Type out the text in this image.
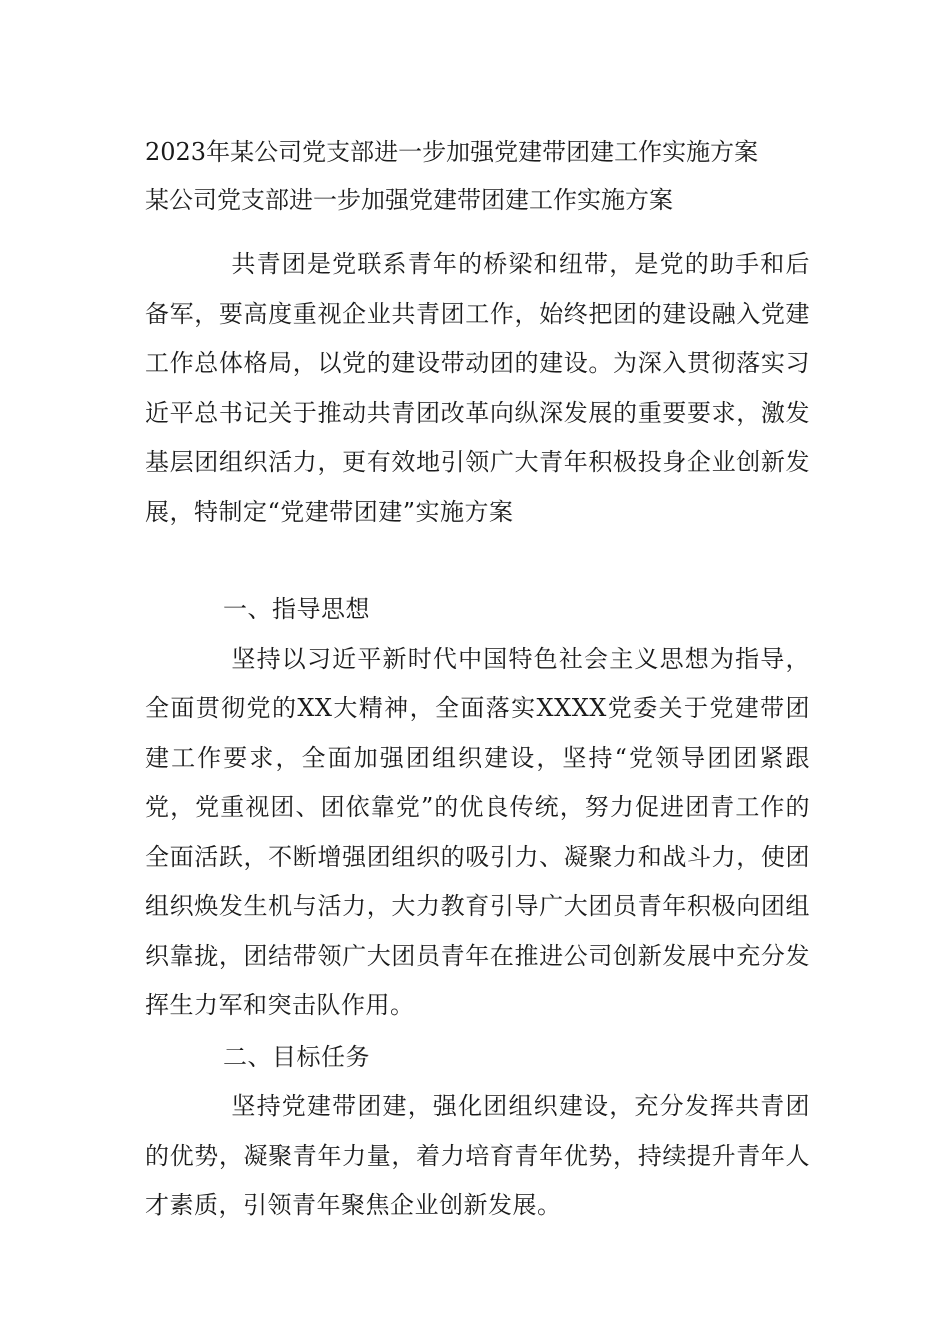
2023年某公司党支部进一步加强党建带团建工作实施方案

某公司党支部进一步加强党建带团建工作实施方案

共青团是党联系青年的桥梁和纽带，是党的助手和后备军，要高度重视企业共青团工作，始终把团的建设融入党建工作总体格局，以党的建设带动团的建设。为深入贯彻落实习近平总书记关于推动共青团改革向纵深发展的重要要求，激发基层团组织活力，更有效地引领广大青年积极投身企业创新发展，特制定“党建带团建”实施方案

一、指导思想

坚持以习近平新时代中国特色社会主义思想为指导，全面贯彻党的XX大精神，全面落实XXXX党委关于党建带团建工作要求，全面加强团组织建设，坚持“党领导团团紧跟党，党重视团、团依靠党”的优良传统，努力促进团青工作的全面活跃，不断增强团组织的吸引力、凝聚力和战斗力，使团组织焕发生机与活力，大力教育引导广大团员青年积极向团组织靠拢，团结带领广大团员青年在推进公司创新发展中充分发挥生力军和突击队作用。

二、目标任务

坚持党建带团建，强化团组织建设，充分发挥共青团的优势，凝聚青年力量，着力培育青年优势，持续提升青年人才素质，引领青年聚焦企业创新发展。
